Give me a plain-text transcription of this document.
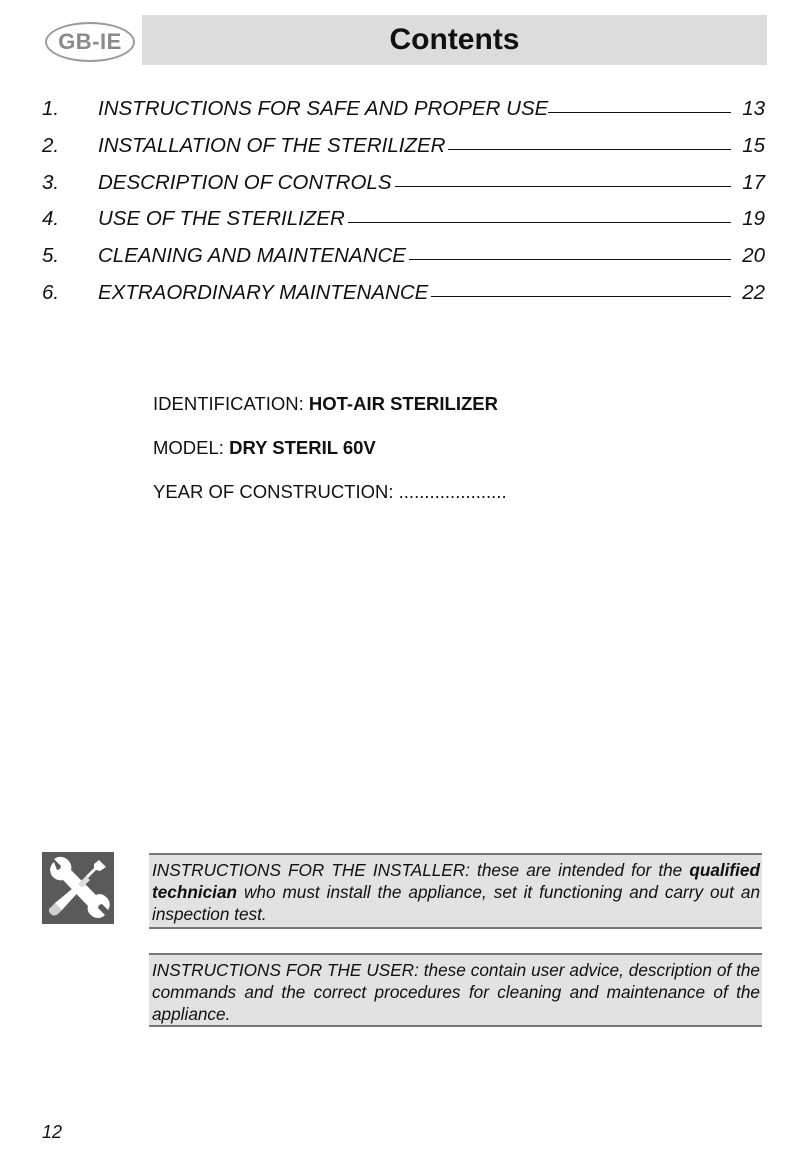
GB-IE	Contents
1.	INSTRUCTIONS FOR SAFE AND PROPER USE	13
2.	INSTALLATION OF THE STERILIZER	15
3.	DESCRIPTION OF CONTROLS	17
4.	USE OF THE STERILIZER	19
5.	CLEANING AND MAINTENANCE	20
6.	EXTRAORDINARY MAINTENANCE	22
IDENTIFICATION: HOT-AIR STERILIZER
MODEL: DRY STERIL 60V
YEAR OF CONSTRUCTION: .....................
INSTRUCTIONS FOR THE INSTALLER: these are intended for the qualified technician who must install the appliance, set it functioning and carry out an inspection test.
INSTRUCTIONS FOR THE USER: these contain user advice, description of the commands and the correct procedures for cleaning and maintenance of the appliance.
12
